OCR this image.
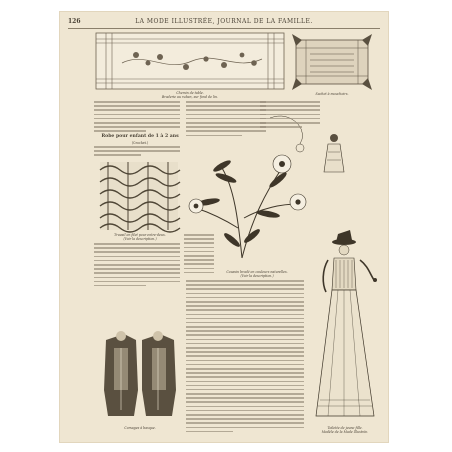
126	LA MODE ILLUSTRÉE, JOURNAL DE LA FAMILLE.
Sachet à mouchoirs.
Chemin de table.
Broderie au ruban, sur fond de lin.
Robe pour enfant de 1 à 2 ans
(Crochet.)
Travail en filet pour entre-deux.
(Voir la description.)
Coussin brodé en couleurs naturelles.
(Voir la description.)
Corsages à basque.	Toilette de jeune fille.
Modèle de la Mode Illustrée.
